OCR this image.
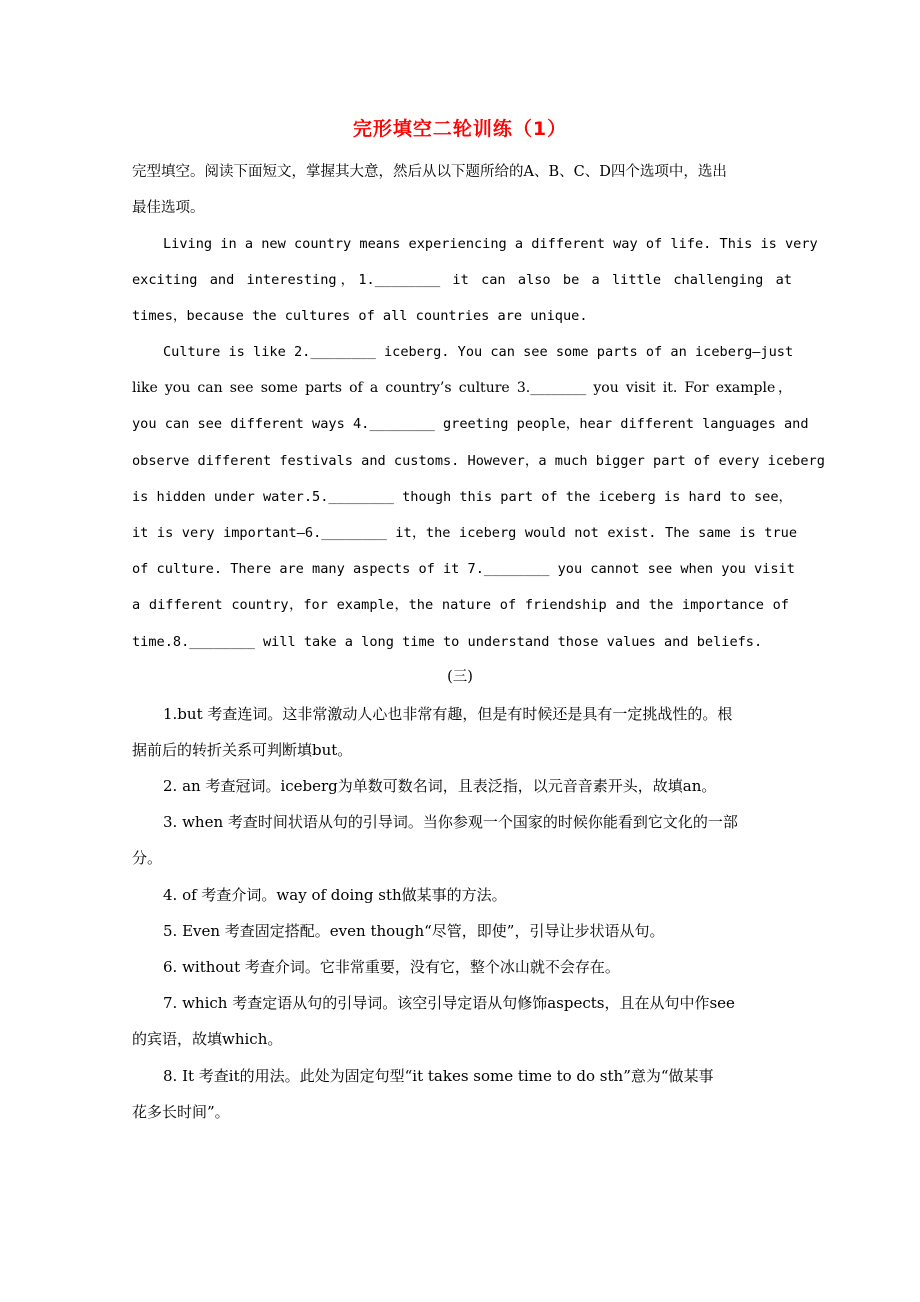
完形填空二轮训练（1）
完型填空。阅读下面短文，掌握其大意，然后从以下题所给的A、B、C、D四个选项中，选出
最佳选项。
Living in a new country means experiencing a different way of life. This is very
exciting and interesting，1.________ it can also be a little challenging at
times，because the cultures of all countries are unique.
Culture is like 2.________ iceberg. You can see some parts of an iceberg—just
like you can see some parts of a country’s culture 3.________ you visit it. For example，
you can see different ways 4.________ greeting people，hear different languages and
observe different festivals and customs. However，a much bigger part of every iceberg
is hidden under water.5.________ though this part of the iceberg is hard to see，
it is very important—6.________ it，the iceberg would not exist. The same is true
of culture. There are many aspects of it 7.________ you cannot see when you visit
a different country，for example，the nature of friendship and the importance of
time.8.________ will take a long time to understand those values and beliefs.
(三)
1.but 考查连词。这非常激动人心也非常有趣，但是有时候还是具有一定挑战性的。根
据前后的转折关系可判断填but。
2. an 考查冠词。iceberg为单数可数名词，且表泛指，以元音音素开头，故填an。
3. when 考查时间状语从句的引导词。当你参观一个国家的时候你能看到它文化的一部
分。
4. of 考查介词。way of doing sth做某事的方法。
5. Even 考查固定搭配。even though“尽管，即使”，引导让步状语从句。
6. without 考查介词。它非常重要，没有它，整个冰山就不会存在。
7. which 考查定语从句的引导词。该空引导定语从句修饰aspects，且在从句中作see
的宾语，故填which。
8. It 考查it的用法。此处为固定句型“it takes some time to do sth”意为“做某事
花多长时间”。
